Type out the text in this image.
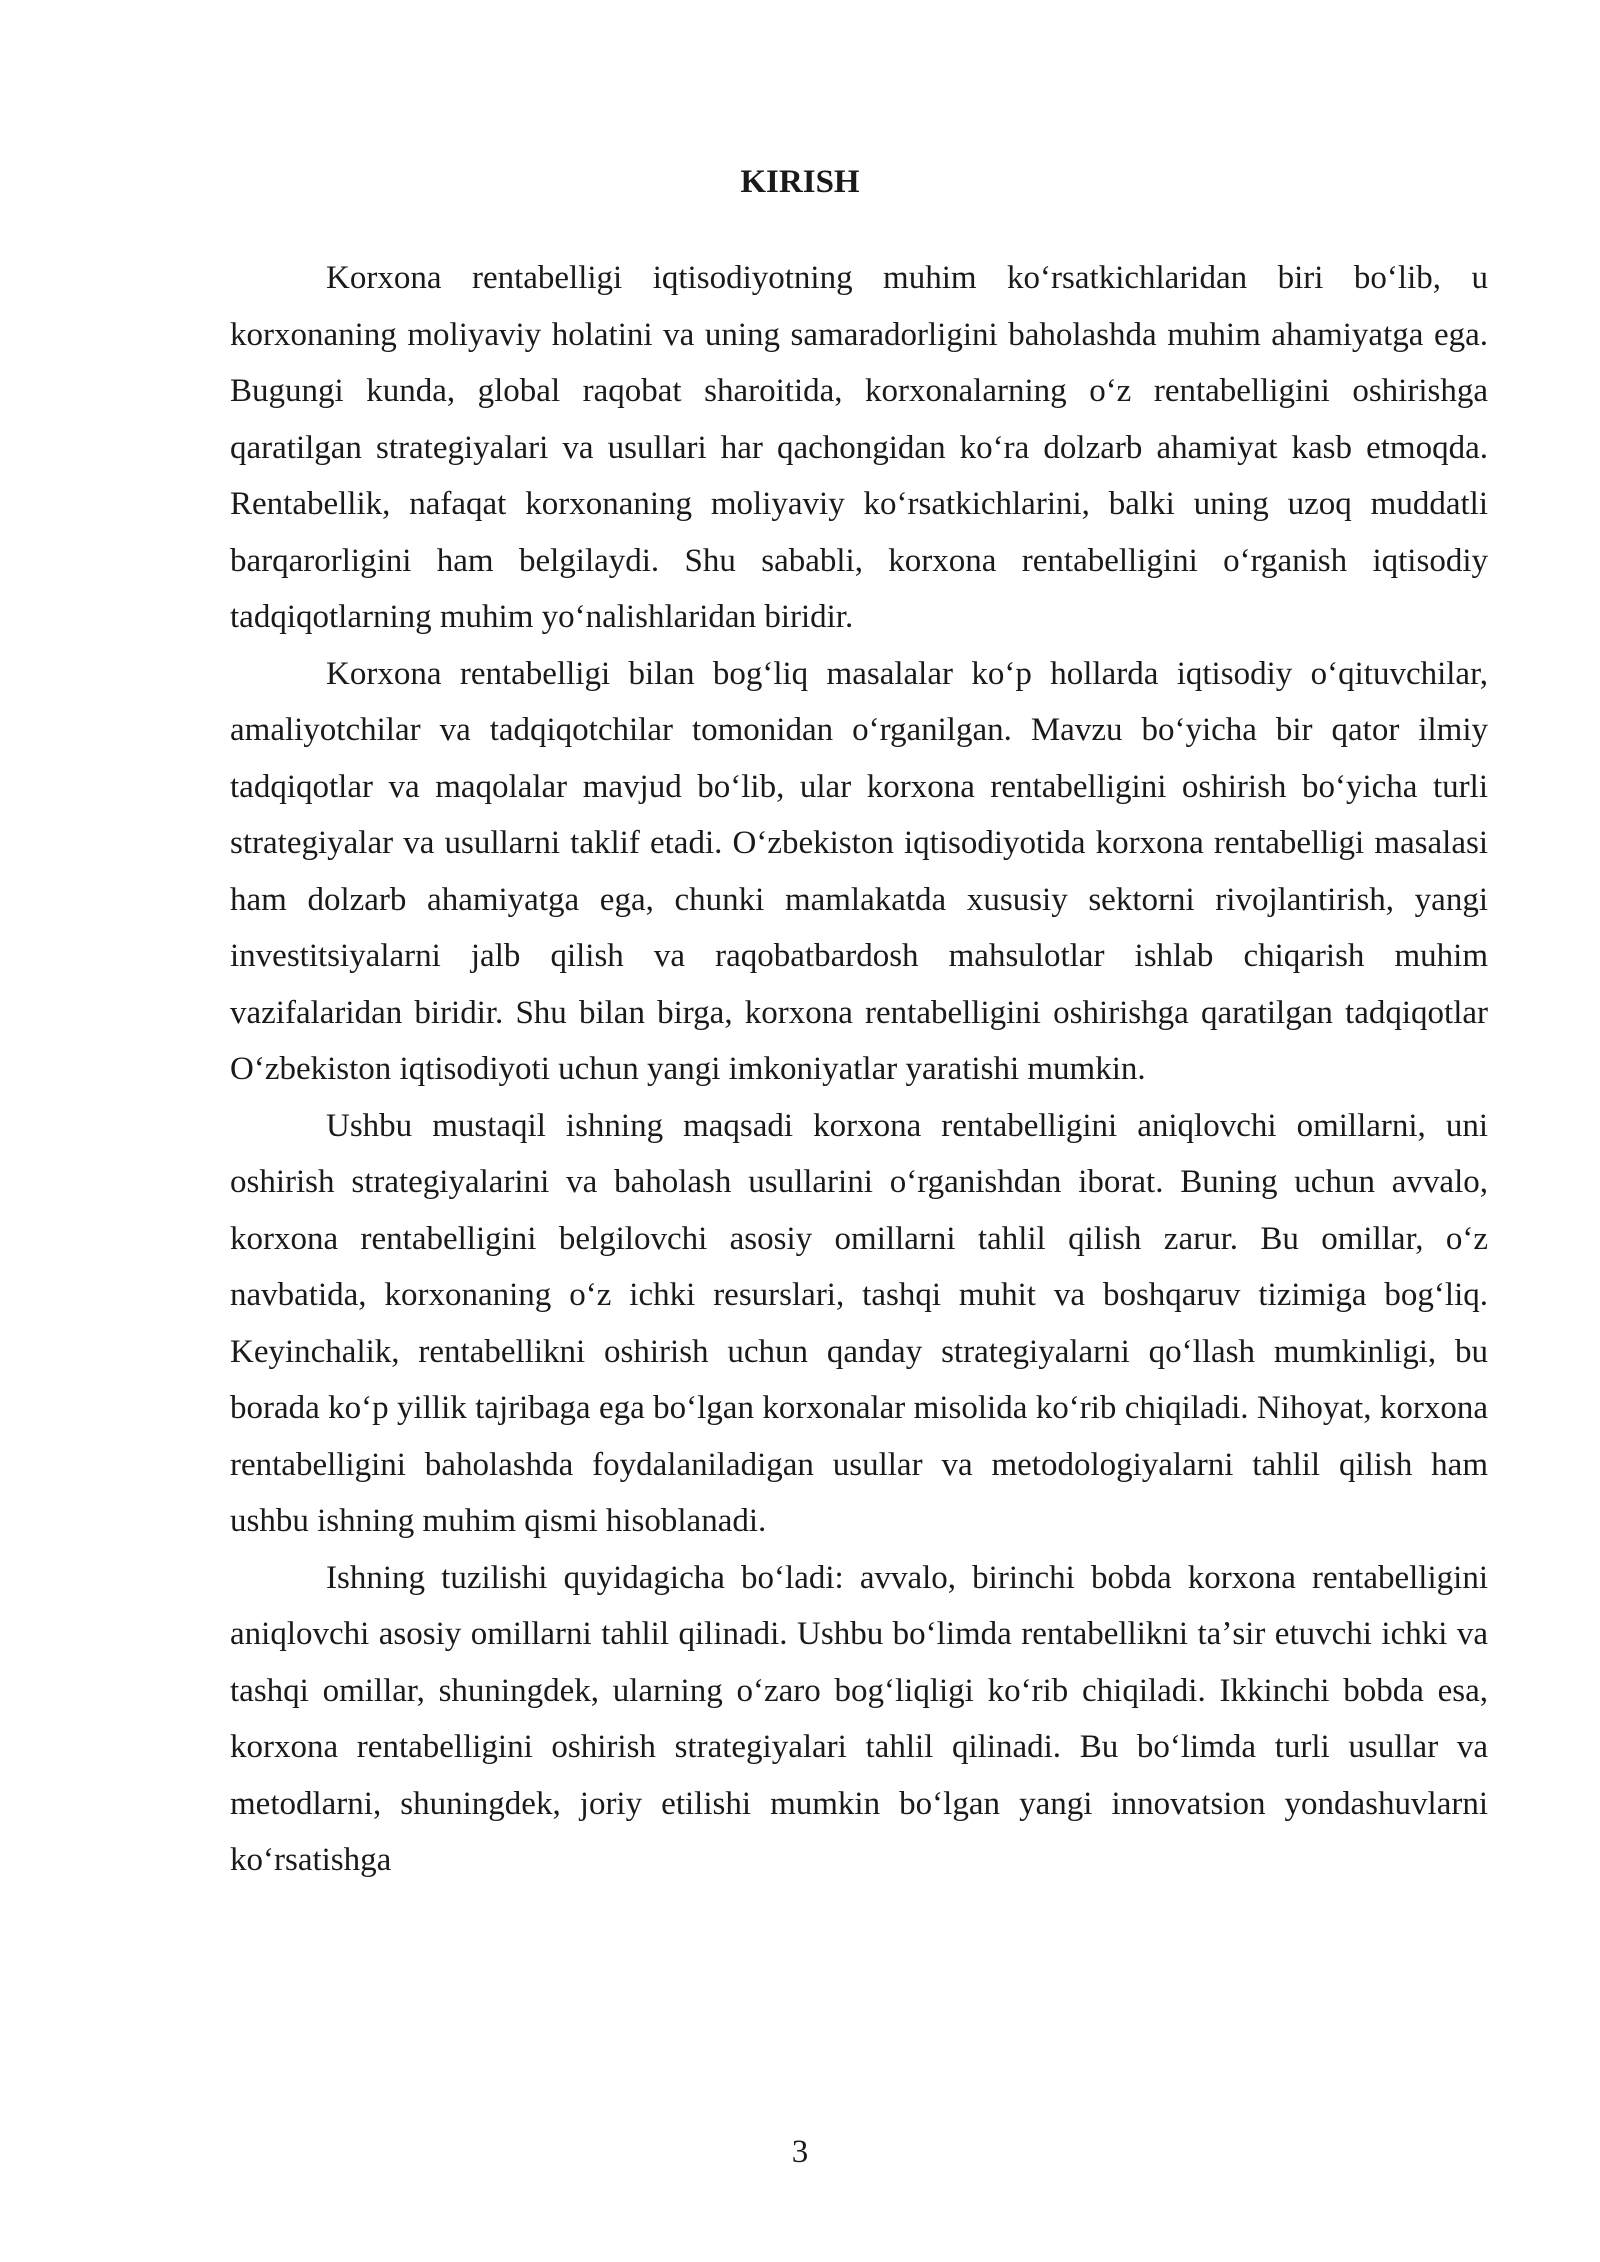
KIRISH

Korxona rentabelligi iqtisodiyotning muhim koʻrsatkichlaridan biri boʻlib, u korxonaning moliyaviy holatini va uning samaradorligini baholashda muhim ahamiyatga ega. Bugungi kunda, global raqobat sharoitida, korxonalarning oʻz rentabelligini oshirishga qaratilgan strategiyalari va usullari har qachongidan koʻra dolzarb ahamiyat kasb etmoqda. Rentabellik, nafaqat korxonaning moliyaviy koʻrsatkichlarini, balki uning uzoq muddatli barqarorligini ham belgilaydi. Shu sababli, korxona rentabelligini oʻrganish iqtisodiy tadqiqotlarning muhim yoʻnalishlaridan biridir.

Korxona rentabelligi bilan bogʻliq masalalar koʻp hollarda iqtisodiy oʻqituvchilar, amaliyotchilar va tadqiqotchilar tomonidan oʻrganilgan. Mavzu boʻyicha bir qator ilmiy tadqiqotlar va maqolalar mavjud boʻlib, ular korxona rentabelligini oshirish boʻyicha turli strategiyalar va usullarni taklif etadi. Oʻzbekiston iqtisodiyotida korxona rentabelligi masalasi ham dolzarb ahamiyatga ega, chunki mamlakatda xususiy sektorni rivojlantirish, yangi investitsiyalarni jalb qilish va raqobatbardosh mahsulotlar ishlab chiqarish muhim vazifalaridan biridir. Shu bilan birga, korxona rentabelligini oshirishga qaratilgan tadqiqotlar Oʻzbekiston iqtisodiyoti uchun yangi imkoniyatlar yaratishi mumkin.

Ushbu mustaqil ishning maqsadi korxona rentabelligini aniqlovchi omillarni, uni oshirish strategiyalarini va baholash usullarini oʻrganishdan iborat. Buning uchun avvalo, korxona rentabelligini belgilovchi asosiy omillarni tahlil qilish zarur. Bu omillar, oʻz navbatida, korxonaning oʻz ichki resurslari, tashqi muhit va boshqaruv tizimiga bogʻliq. Keyinchalik, rentabellikni oshirish uchun qanday strategiyalarni qoʻllash mumkinligi, bu borada koʻp yillik tajribaga ega boʻlgan korxonalar misolida koʻrib chiqiladi. Nihoyat, korxona rentabelligini baholashda foydalaniladigan usullar va metodologiyalarni tahlil qilish ham ushbu ishning muhim qismi hisoblanadi.

Ishning tuzilishi quyidagicha boʻladi: avvalo, birinchi bobda korxona rentabelligini aniqlovchi asosiy omillarni tahlil qilinadi. Ushbu boʻlimda rentabellikni taʼsir etuvchi ichki va tashqi omillar, shuningdek, ularning oʻzaro bogʻliqligi koʻrib chiqiladi. Ikkinchi bobda esa, korxona rentabelligini oshirish strategiyalari tahlil qilinadi. Bu boʻlimda turli usullar va metodlarni, shuningdek, joriy etilishi mumkin boʻlgan yangi innovatsion yondashuvlarni koʻrsatishga

3
